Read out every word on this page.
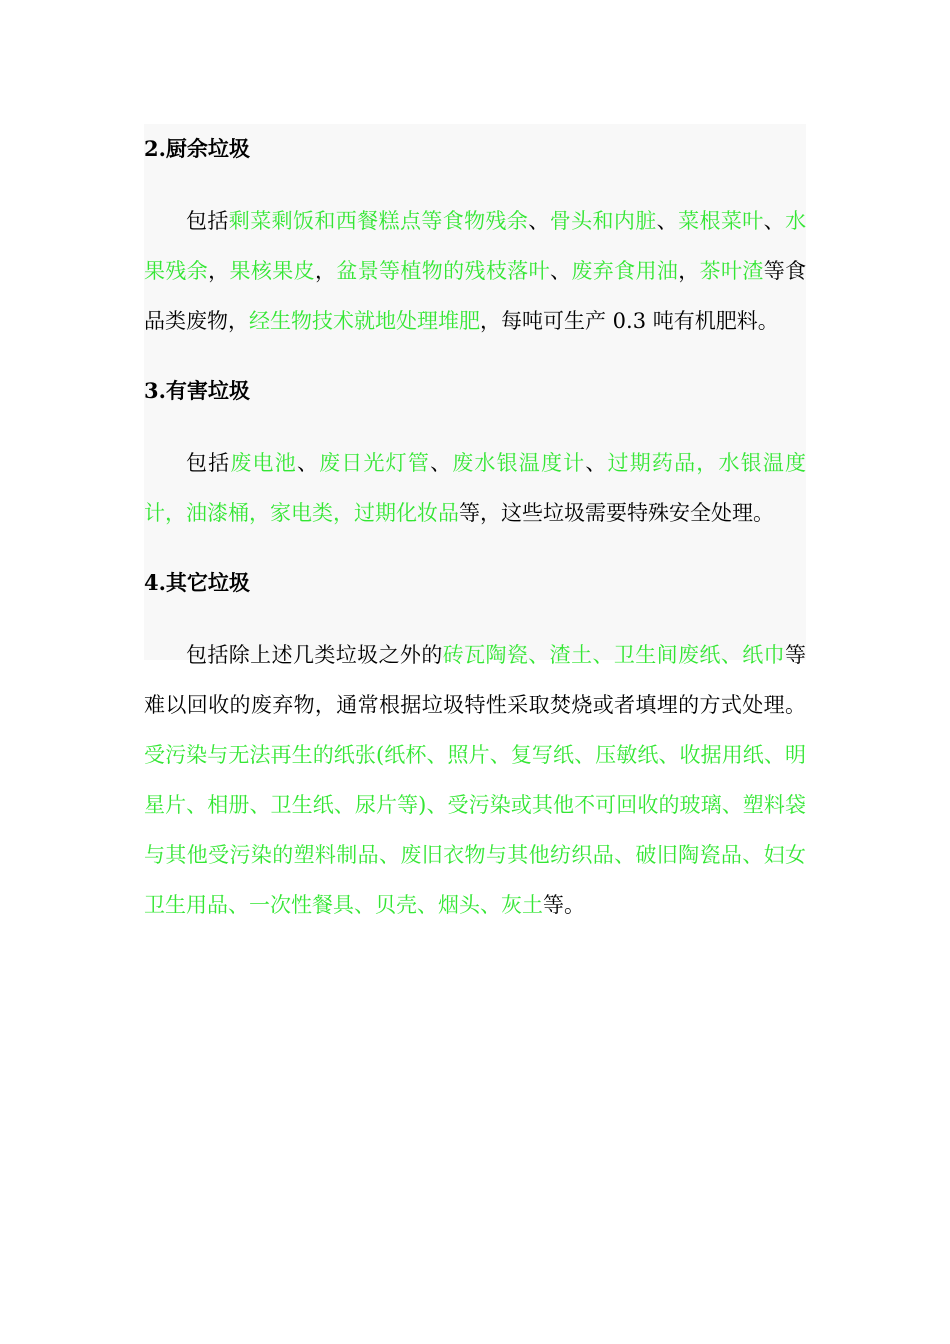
2.厨余垃圾

包括剩菜剩饭和西餐糕点等食物残余、骨头和内脏、菜根菜叶、水果残余，果核果皮，盆景等植物的残枝落叶、废弃食用油，茶叶渣等食品类废物，经生物技术就地处理堆肥，每吨可生产 0.3 吨有机肥料。

3.有害垃圾

包括废电池、废日光灯管、废水银温度计、过期药品，水银温度计，油漆桶，家电类，过期化妆品等，这些垃圾需要特殊安全处理。

4.其它垃圾

包括除上述几类垃圾之外的砖瓦陶瓷、渣土、卫生间废纸、纸巾等难以回收的废弃物，通常根据垃圾特性采取焚烧或者填埋的方式处理。受污染与无法再生的纸张(纸杯、照片、复写纸、压敏纸、收据用纸、明星片、相册、卫生纸、尿片等)、受污染或其他不可回收的玻璃、塑料袋与其他受污染的塑料制品、废旧衣物与其他纺织品、破旧陶瓷品、妇女卫生用品、一次性餐具、贝壳、烟头、灰土等。
